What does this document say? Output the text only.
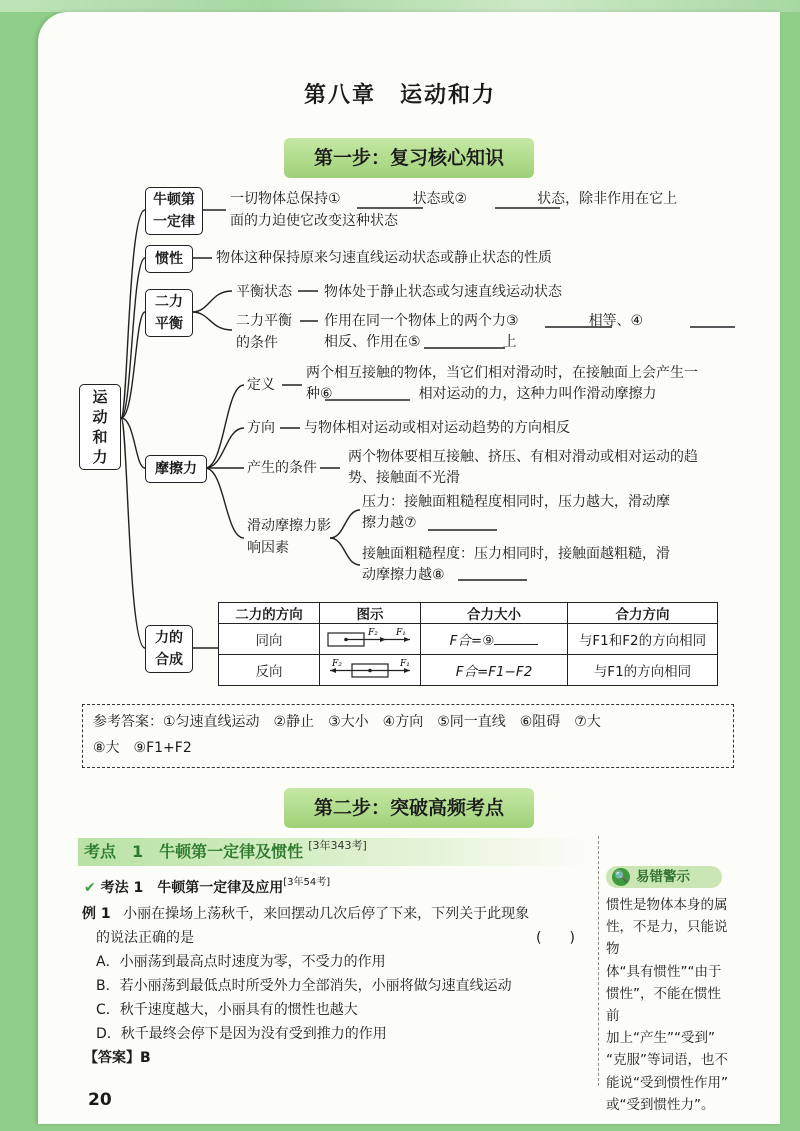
第八章　运动和力
第一步：复习核心知识
运动和力
牛顿第一定律
一切物体总保持①	状态或②	状态，除非作用在它上
面的力迫使它改变这种状态
惯性	物体这种保持原来匀速直线运动状态或静止状态的性质
二力平衡
平衡状态 物体处于静止状态或匀速直线运动状态
二力平衡的条件
作用在同一个物体上的两个力③	相等、④
相反、作用在⑤	上
摩擦力
定义
两个相互接触的物体，当它们相对滑动时，在接触面上会产生一
种⑥	相对运动的力，这种力叫作滑动摩擦力
方向 与物体相对运动或相对运动趋势的方向相反
产生的条件
两个物体要相互接触、挤压、有相对滑动或相对运动的趋
势、接触面不光滑
滑动摩擦力影响因素
压力：接触面粗糙程度相同时，压力越大，滑动摩
擦力越⑦
接触面粗糙程度：压力相同时，接触面越粗糙，滑
动摩擦力越⑧
力的合成
二力的方向	图示	合力大小	合力方向
同向	F₂ F₁	F合=⑨	与F1和F2的方向相同
反向	F₂ F₁	F合=F1−F2	与F1的方向相同
参考答案：①匀速直线运动　②静止　③大小　④方向　⑤同一直线　⑥阻碍　⑦大
⑧大　⑨F1+F2
第二步：突破高频考点
考点　1　牛顿第一定律及惯性 [3年343考]
✔ 考法 1　牛顿第一定律及应用[3年54考]
例 1 小丽在操场上荡秋千，来回摆动几次后停了下来，下列关于此现象
的说法正确的是	(　　)
A．小丽荡到最高点时速度为零，不受力的作用
B．若小丽荡到最低点时所受外力全部消失，小丽将做匀速直线运动
C．秋千速度越大，小丽具有的惯性也越大
D．秋千最终会停下是因为没有受到推力的作用
【答案】B
🔍 易错警示
惯性是物体本身的属
性，不是力，只能说物
体“具有惯性”“由于
惯性”，不能在惯性前
加上“产生”“受到”
“克服”等词语，也不
能说“受到惯性作用”
或“受到惯性力”。
20
